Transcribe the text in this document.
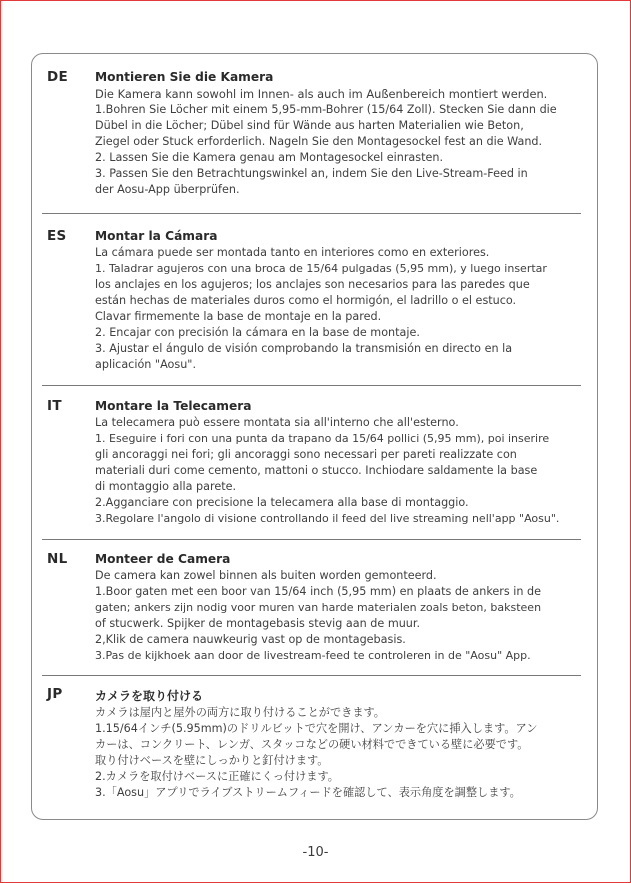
DE Montieren Sie die Kamera
Die Kamera kann sowohl im Innen- als auch im Außenbereich montiert werden.
1.Bohren Sie Löcher mit einem 5,95-mm-Bohrer (15/64 Zoll). Stecken Sie dann die
Dübel in die Löcher; Dübel sind für Wände aus harten Materialien wie Beton,
Ziegel oder Stuck erforderlich. Nageln Sie den Montagesockel fest an die Wand.
2. Lassen Sie die Kamera genau am Montagesockel einrasten.
3. Passen Sie den Betrachtungswinkel an, indem Sie den Live-Stream-Feed in
der Aosu-App überprüfen.
ES Montar la Cámara
La cámara puede ser montada tanto en interiores como en exteriores.
1. Taladrar agujeros con una broca de 15/64 pulgadas (5,95 mm), y luego insertar
los anclajes en los agujeros; los anclajes son necesarios para las paredes que
están hechas de materiales duros como el hormigón, el ladrillo o el estuco.
Clavar firmemente la base de montaje en la pared.
2. Encajar con precisión la cámara en la base de montaje.
3. Ajustar el ángulo de visión comprobando la transmisión en directo en la
aplicación "Aosu".
IT	Montare la Telecamera
La telecamera può essere montata sia all'interno che all'esterno.
1. Eseguire i fori con una punta da trapano da 15/64 pollici (5,95 mm), poi inserire
gli ancoraggi nei fori; gli ancoraggi sono necessari per pareti realizzate con
materiali duri come cemento, mattoni o stucco. Inchiodare saldamente la base
di montaggio alla parete.
2.Agganciare con precisione la telecamera alla base di montaggio.
3.Regolare l'angolo di visione controllando il feed del live streaming nell'app "Aosu".
NL Monteer de Camera
De camera kan zowel binnen als buiten worden gemonteerd.
1.Boor gaten met een boor van 15/64 inch (5,95 mm) en plaats de ankers in de
gaten; ankers zijn nodig voor muren van harde materialen zoals beton, baksteen
of stucwerk. Spijker de montagebasis stevig aan de muur.
2,Klik de camera nauwkeurig vast op de montagebasis.
3.Pas de kijkhoek aan door de livestream-feed te controleren in de "Aosu" App.
JP	カメラを取り付ける
カメラは屋内と屋外の両方に取り付けることができます。
1.15/64インチ(5.95mm)のドリルビットで穴を開け、アンカーを穴に挿入します。アン
カーは、コンクリート、レンガ、スタッコなどの硬い材料でできている壁に必要です。
取り付けベースを壁にしっかりと釘付けます。
2.カメラを取付けベースに正確にくっ付けます。
3.「Aosu」アプリでライブストリームフィードを確認して、表示角度を調整します。
-10-
